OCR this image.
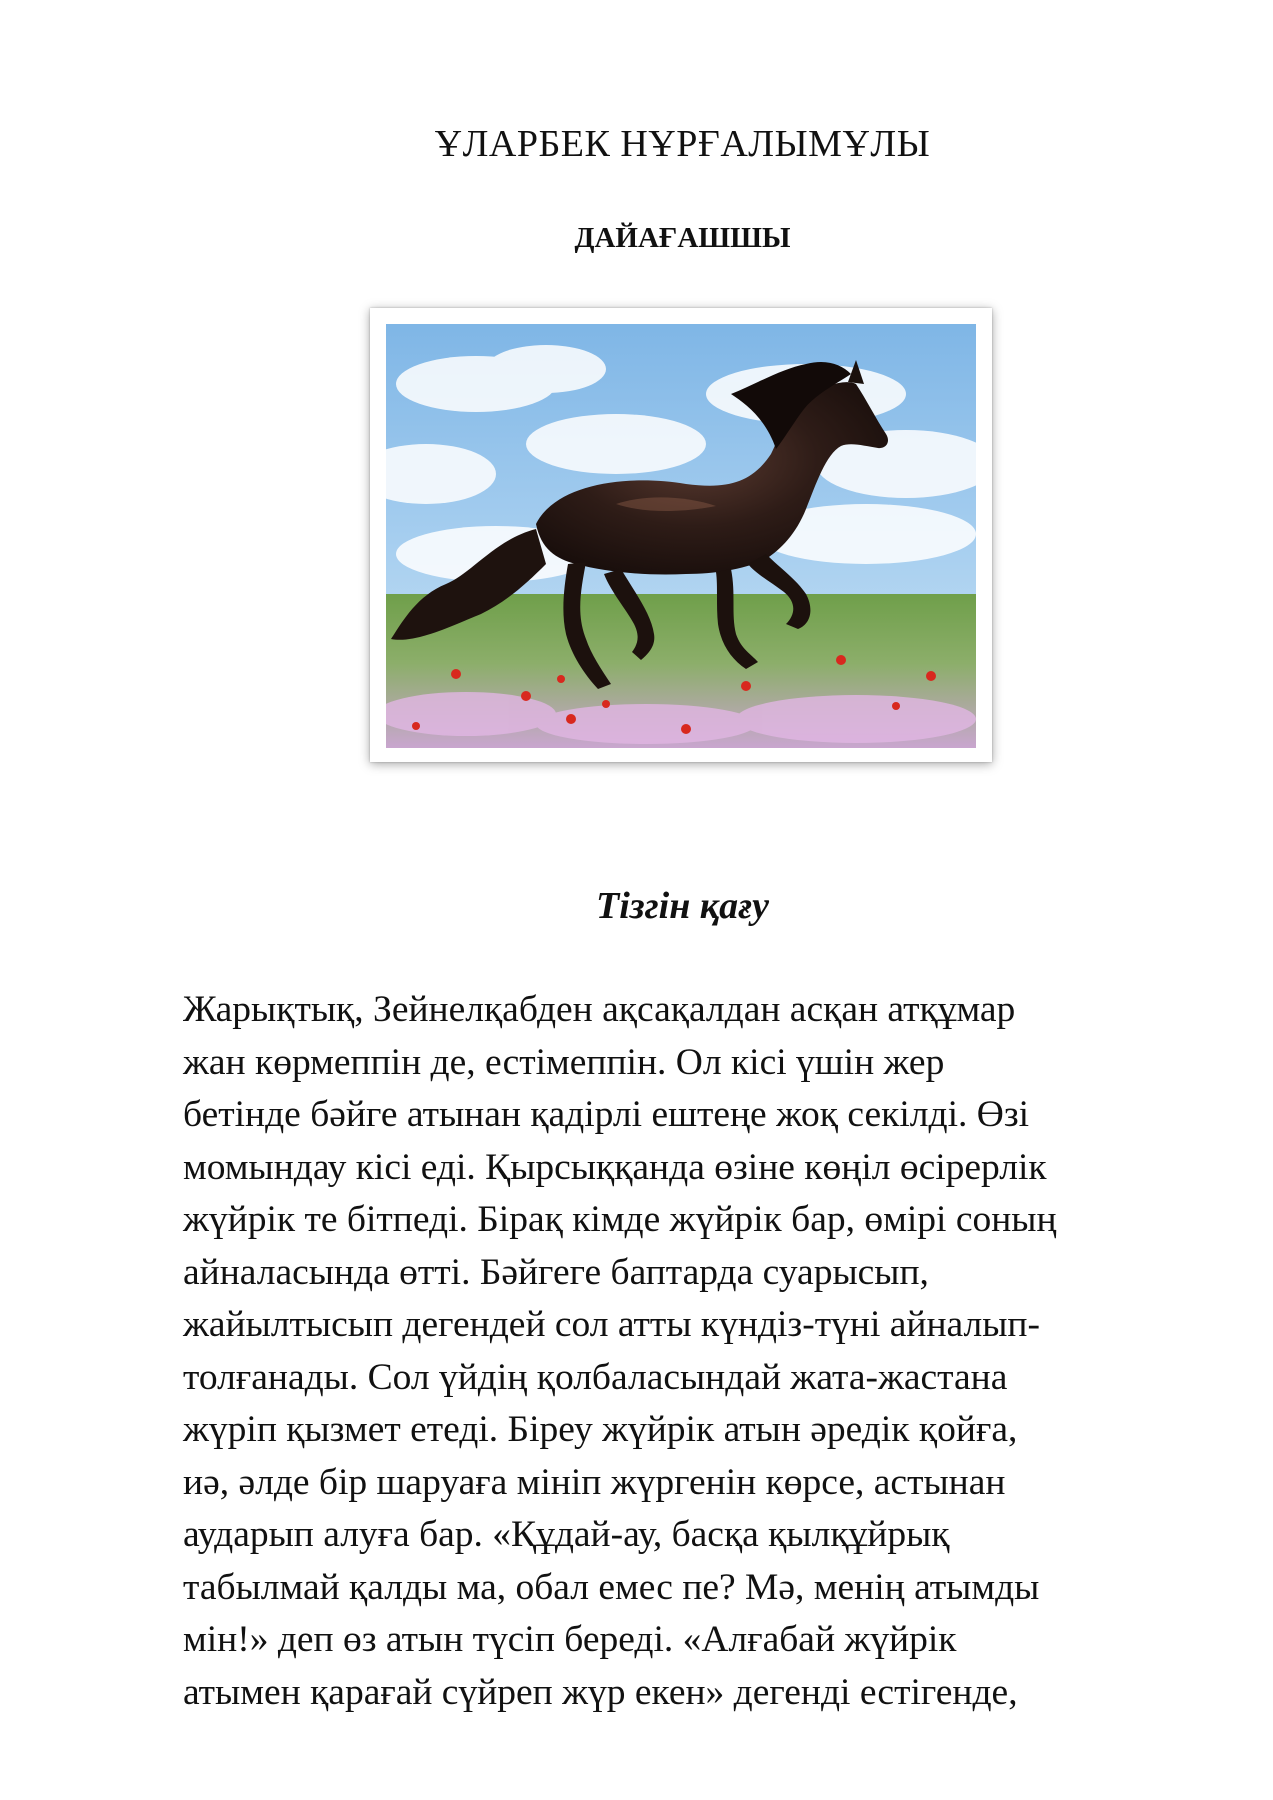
ҰЛАРБЕК НҰРҒАЛЫМҰЛЫ
ДАЙАҒАШШЫ
Тізгін қағу

Жарықтық, Зейнелқабден ақсақалдан асқан атқұмар
жан көрмеппін де, естімеппін. Ол кісі үшін жер
бетінде бәйге атынан қадірлі ештеңе жоқ секілді. Өзі
момындау кісі еді. Қырсыққанда өзіне көңіл өсірерлік
жүйрік те бітпеді. Бірақ кімде жүйрік бар, өмірі соның
айналасында өтті. Бәйгеге баптарда суарысып,
жайылтысып дегендей сол атты күндіз-түні айналып-
толғанады. Сол үйдің қолбаласындай жата-жастана
жүріп қызмет етеді. Біреу жүйрік атын әредік қойға,
иә, әлде бір шаруаға мініп жүргенін көрсе, астынан
аударып алуға бар. «Құдай-ау, басқа қылқұйрық
табылмай қалды ма, обал емес пе? Мә, менің атымды
мін!» деп өз атын түсіп береді. «Алғабай жүйрік
атымен қарағай сүйреп жүр екен» дегенді естігенде,
